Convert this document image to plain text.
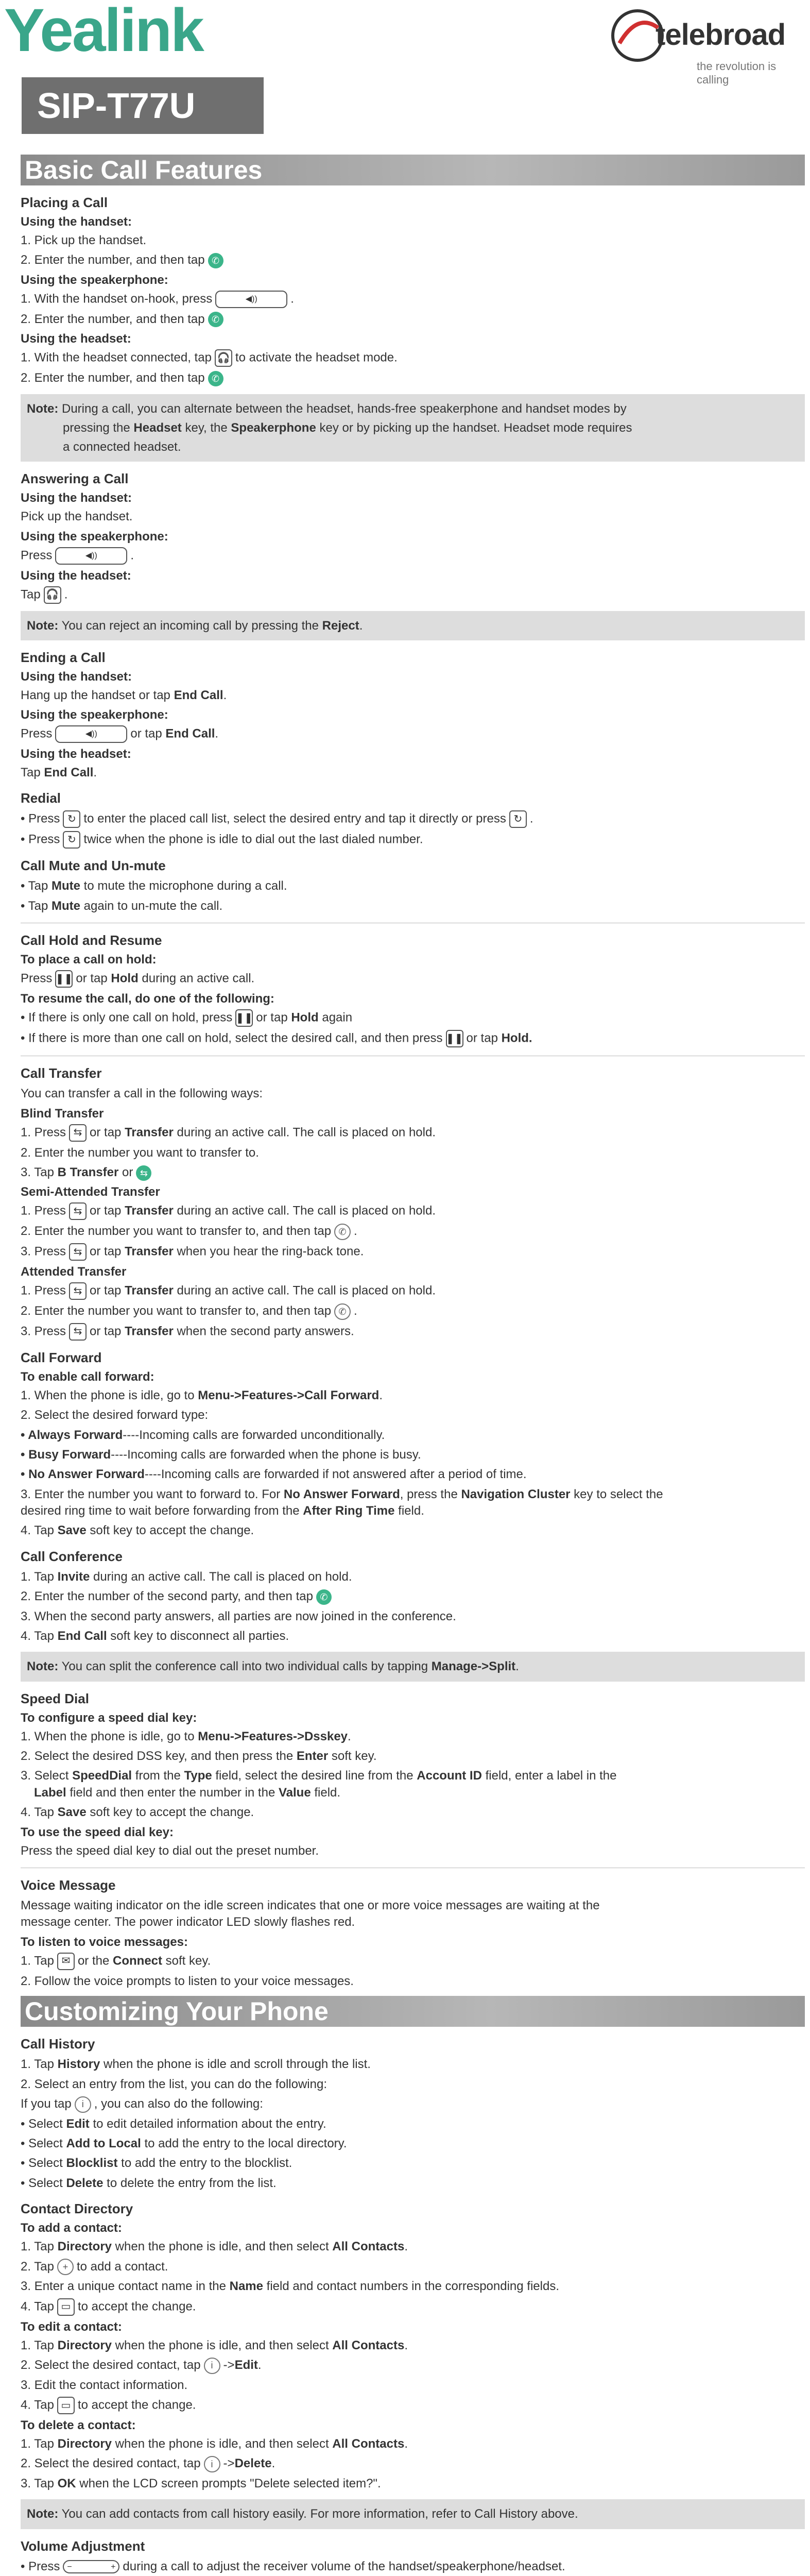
Yealink
SIP-T77U
telebroad
the revolution is calling
Basic Call Features
Placing a Call
Using the handset:
1. Pick up the handset.
2. Enter the number, and then tap ✆
Using the speakerphone:
1. With the handset on-hook, press	◀))	.
2. Enter the number, and then tap ✆
Using the headset:
1. With the headset connected, tap 🎧 to activate the headset mode.
2. Enter the number, and then tap ✆
Note: During a call, you can alternate between the headset, hands-free speakerphone and handset modes by
pressing the Headset key, the Speakerphone key or by picking up the handset. Headset mode requires
a connected headset.
Answering a Call
Using the handset:
Pick up the handset.
Using the speakerphone:
Press	◀))	.
Using the headset:
Tap 🎧 .
Note: You can reject an incoming call by pressing the Reject.
Ending a Call
Using the handset:
Hang up the handset or tap End Call.
Using the speakerphone:
Press	◀))	or tap End Call.
Using the headset:
Tap End Call.
Redial
• Press ↻ to enter the placed call list, select the desired entry and tap it directly or press ↻ .
• Press ↻ twice when the phone is idle to dial out the last dialed number.
Call Mute and Un-mute
• Tap Mute to mute the microphone during a call.
• Tap Mute again to un-mute the call.
Call Hold and Resume
To place a call on hold:
Press ❚❚ or tap Hold during an active call.
To resume the call, do one of the following:
• If there is only one call on hold, press ❚❚ or tap Hold again
• If there is more than one call on hold, select the desired call, and then press ❚❚ or tap Hold.
Call Transfer
You can transfer a call in the following ways:
Blind Transfer
1. Press ⇆ or tap Transfer during an active call. The call is placed on hold.
2. Enter the number you want to transfer to.
3. Tap B Transfer or ⇆
Semi-Attended Transfer
1. Press ⇆ or tap Transfer during an active call. The call is placed on hold.
2. Enter the number you want to transfer to, and then tap ✆ .
3. Press ⇆ or tap Transfer when you hear the ring-back tone.
Attended Transfer
1. Press ⇆ or tap Transfer during an active call. The call is placed on hold.
2. Enter the number you want to transfer to, and then tap ✆ .
3. Press ⇆ or tap Transfer when the second party answers.
Call Forward
To enable call forward:
1. When the phone is idle, go to Menu->Features->Call Forward.
2. Select the desired forward type:
• Always Forward----Incoming calls are forwarded unconditionally.
• Busy Forward----Incoming calls are forwarded when the phone is busy.
• No Answer Forward----Incoming calls are forwarded if not answered after a period of time.
3. Enter the number you want to forward to. For No Answer Forward, press the Navigation Cluster key to select the
desired ring time to wait before forwarding from the After Ring Time field.
4. Tap Save soft key to accept the change.
Call Conference
1. Tap Invite during an active call. The call is placed on hold.
2. Enter the number of the second party, and then tap ✆
3. When the second party answers, all parties are now joined in the conference.
4. Tap End Call soft key to disconnect all parties.
Note: You can split the conference call into two individual calls by tapping Manage->Split.
Speed Dial
To configure a speed dial key:
1. When the phone is idle, go to Menu->Features->Dsskey.
2. Select the desired DSS key, and then press the Enter soft key.
3. Select SpeedDial from the Type field, select the desired line from the Account ID field, enter a label in the
Label field and then enter the number in the Value field.
4. Tap Save soft key to accept the change.
To use the speed dial key:
Press the speed dial key to dial out the preset number.
Voice Message
Message waiting indicator on the idle screen indicates that one or more voice messages are waiting at the
message center. The power indicator LED slowly flashes red.
To listen to voice messages:
1. Tap ✉ or the Connect soft key.
2. Follow the voice prompts to listen to your voice messages.
Customizing Your Phone
Call History
1. Tap History when the phone is idle and scroll through the list.
2. Select an entry from the list, you can do the following:
If you tap i , you can also do the following:
• Select Edit to edit detailed information about the entry.
• Select Add to Local to add the entry to the local directory.
• Select Blocklist to add the entry to the blocklist.
• Select Delete to delete the entry from the list.
Contact Directory
To add a contact:
1. Tap Directory when the phone is idle, and then select All Contacts.
2. Tap + to add a contact.
3. Enter a unique contact name in the Name field and contact numbers in the corresponding fields.
4. Tap ▭ to accept the change.
To edit a contact:
1. Tap Directory when the phone is idle, and then select All Contacts.
2. Select the desired contact, tap i ->Edit.
3. Edit the contact information.
4. Tap ▭ to accept the change.
To delete a contact:
1. Tap Directory when the phone is idle, and then select All Contacts.
2. Select the desired contact, tap i ->Delete.
3. Tap OK when the LCD screen prompts "Delete selected item?".
Note: You can add contacts from call history easily. For more information, refer to Call History above.
Volume Adjustment
• Press −	+ during a call to adjust the receiver volume of the handset/speakerphone/headset.
